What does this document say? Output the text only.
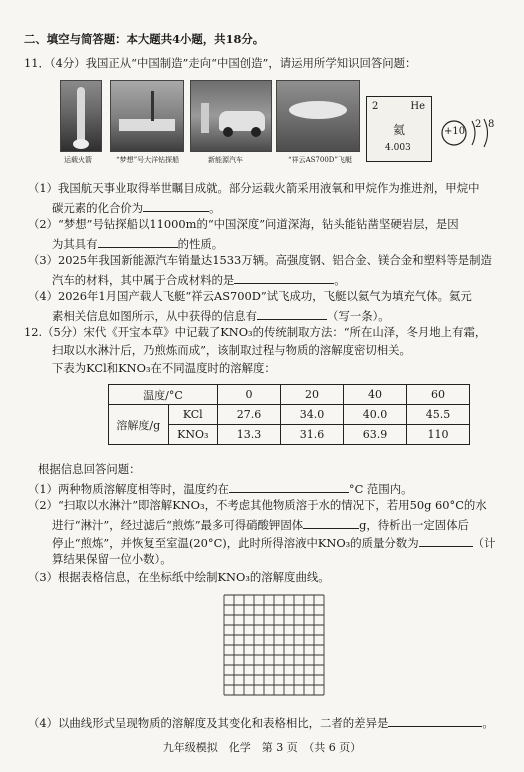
二、填空与简答题：本大题共4小题，共18分。
11．（4分）我国正从“中国制造”走向“中国创造”，请运用所学知识回答问题：
运载火箭	“梦想”号大洋钻探船	新能源汽车	“祥云AS700D”飞艇
2	He
氦
4.003
+10
2 8
（1）我国航天事业取得举世瞩目成就。部分运载火箭采用液氧和甲烷作为推进剂，甲烷中
碳元素的化合价为	。
（2）“梦想”号钻探船以11000m的“中国深度”问道深海，钻头能钻凿坚硬岩层，是因
为其具有	的性质。
（3）2025年我国新能源汽车销量达1533万辆。高强度钢、铝合金、镁合金和塑料等是制造
汽车的材料，其中属于合成材料的是	。
（4）2026年1月国产载人飞艇“祥云AS700D”试飞成功，飞艇以氦气为填充气体。氦元
素相关信息如图所示，从中获得的信息有	（写一条）。
12.（5分）宋代《开宝本草》中记载了KNO₃的传统制取方法：“所在山泽，冬月地上有霜，
扫取以水淋汁后，乃煎炼而成”，该制取过程与物质的溶解度密切相关。
下表为KCl和KNO₃在不同温度时的溶解度：
温度/°C		0	20	40	60
溶解度/g	KCl	27.6	34.0	40.0	45.5
	KNO₃	13.3	31.6	63.9	110
根据信息回答问题：
（1）两种物质溶解度相等时，温度约在	°C 范围内。
（2）“扫取以水淋汁”即溶解KNO₃，不考虑其他物质溶于水的情况下，若用50g 60°C的水
进行“淋汁”，经过滤后“煎炼”最多可得硝酸钾固体	g，待析出一定固体后
停止“煎炼”，并恢复至室温(20°C)，此时所得溶液中KNO₃的质量分数为	（计
算结果保留一位小数）。
（3）根据表格信息，在坐标纸中绘制KNO₃的溶解度曲线。
（4）以曲线形式呈现物质的溶解度及其变化和表格相比，二者的差异是	。
九年级模拟　化学　第 3 页　（共 6 页）
